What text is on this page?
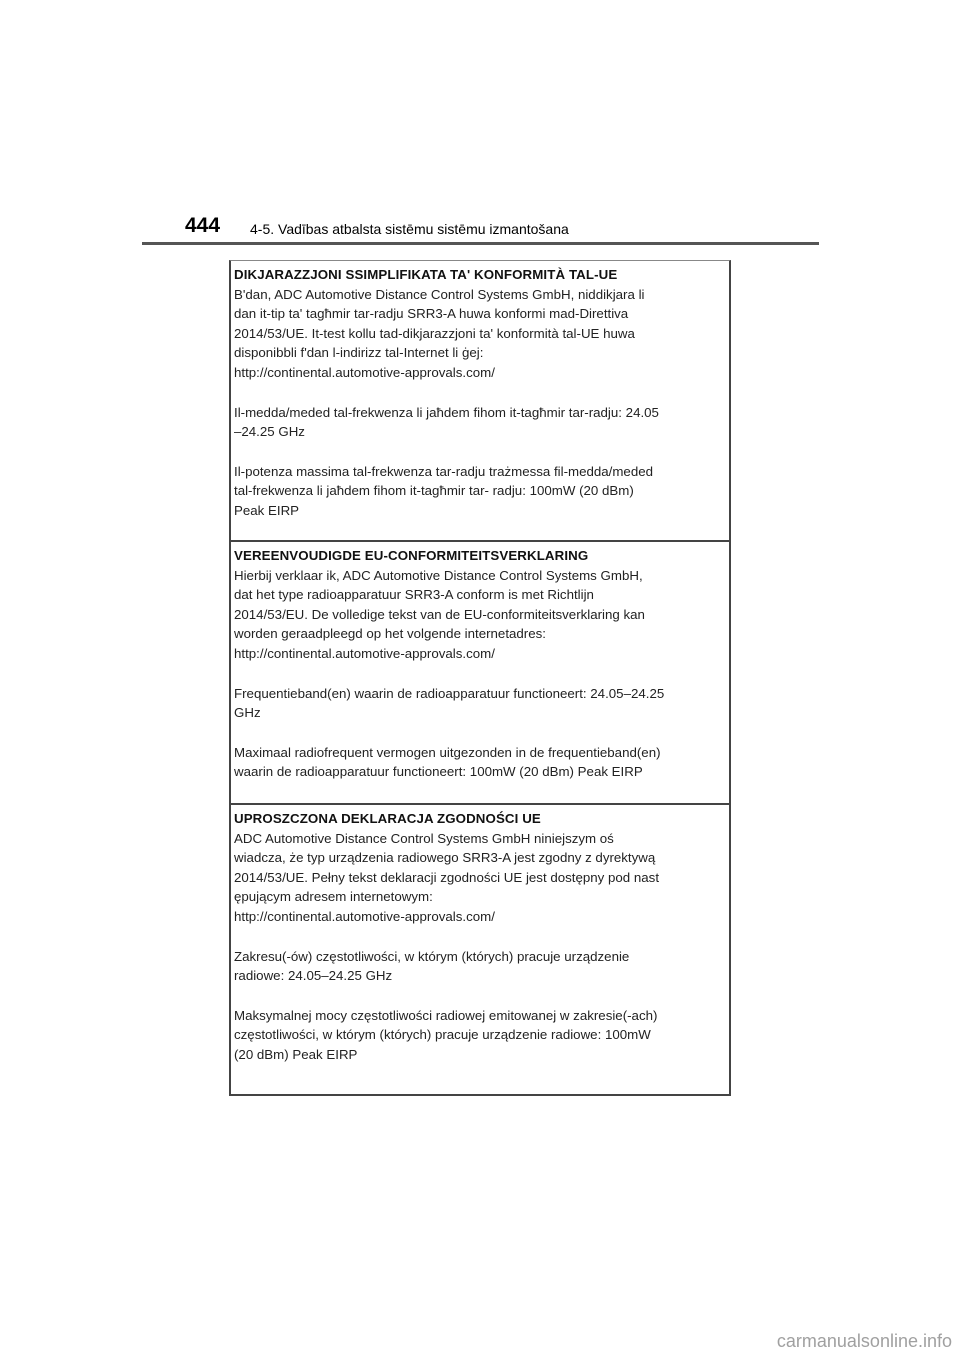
444 4-5. Vadības atbalsta sistēmu sistēmu izmantošana
DIKJARAZZJONI SSIMPLIFIKATA TA' KONFORMITÀ TAL-UE

B'dan, ADC Automotive Distance Control Systems GmbH, niddikjara li

dan it-tip ta' tagħmir tar-radju SRR3-A huwa konformi mad-Direttiva

2014/53/UE. It-test kollu tad-dikjarazzjoni ta' konformità tal-UE huwa

disponibbli f'dan l-indirizz tal-Internet li ġej:

http://continental.automotive-approvals.com/

Il-medda/meded tal-frekwenza li jaħdem fihom it-tagħmir tar-radju: 24.05

–24.25 GHz

Il-potenza massima tal-frekwenza tar-radju trażmessa fil-medda/meded

tal-frekwenza li jaħdem fihom it-tagħmir tar- radju: 100mW (20 dBm)

Peak EIRP

VEREENVOUDIGDE EU-CONFORMITEITSVERKLARING

Hierbij verklaar ik, ADC Automotive Distance Control Systems GmbH,

dat het type radioapparatuur SRR3-A conform is met Richtlijn

2014/53/EU. De volledige tekst van de EU-conformiteitsverklaring kan

worden geraadpleegd op het volgende internetadres:

http://continental.automotive-approvals.com/

Frequentieband(en) waarin de radioapparatuur functioneert: 24.05–24.25

GHz

Maximaal radiofrequent vermogen uitgezonden in de frequentieband(en)

waarin de radioapparatuur functioneert: 100mW (20 dBm) Peak EIRP

UPROSZCZONA DEKLARACJA ZGODNOŚCI UE

ADC Automotive Distance Control Systems GmbH niniejszym oś

wiadcza, że typ urządzenia radiowego SRR3-A jest zgodny z dyrektywą

2014/53/UE. Pełny tekst deklaracji zgodności UE jest dostępny pod nast

ępującym adresem internetowym:

http://continental.automotive-approvals.com/

Zakresu(-ów) częstotliwości, w którym (których) pracuje urządzenie

radiowe: 24.05–24.25 GHz

Maksymalnej mocy częstotliwości radiowej emitowanej w zakresie(-ach)

częstotliwości, w którym (których) pracuje urządzenie radiowe: 100mW

(20 dBm) Peak EIRP

carmanualsonline.info
